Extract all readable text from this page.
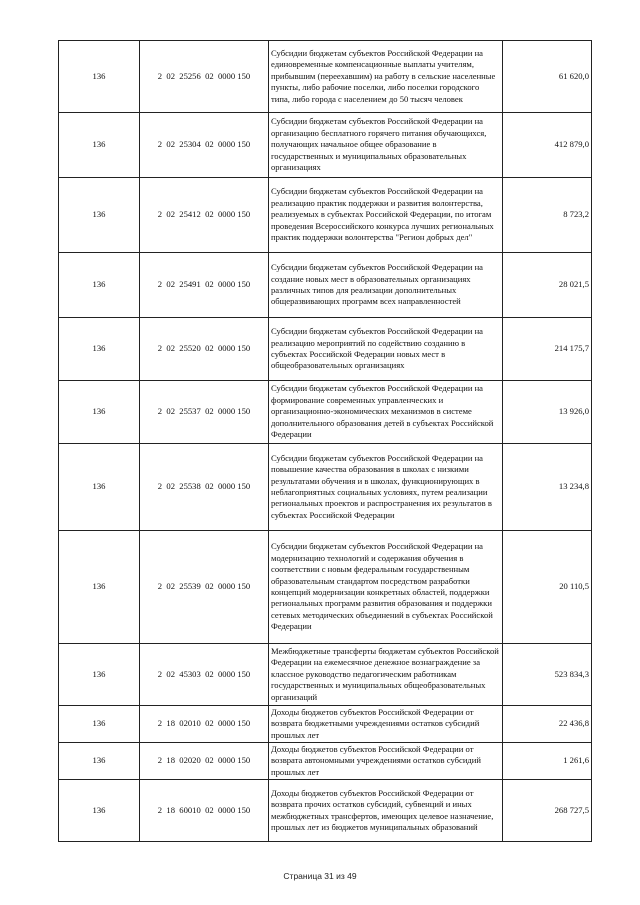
136	2  02  25256  02  0000 150	Субсидии бюджетам субъектов Российской Федерации на единовременные компенсационные выплаты учителям, прибывшим (переехавшим) на работу в сельские населенные пункты, либо рабочие поселки, либо поселки городского типа, либо города с населением до 50 тысяч человек	61 620,0
136	2  02  25304  02  0000 150	Субсидии бюджетам субъектов Российской Федерации на организацию бесплатного горячего питания обучающихся, получающих начальное общее образование в государственных и муниципальных образовательных организациях	412 879,0
136	2  02  25412  02  0000 150	Субсидии бюджетам субъектов Российской Федерации на реализацию практик поддержки и развития волонтерства, реализуемых в субъектах Российской Федерации, по итогам проведения Всероссийского конкурса лучших региональных практик поддержки волонтерства "Регион добрых дел"	8 723,2
136	2  02  25491  02  0000 150	Субсидии бюджетам субъектов Российской Федерации на создание новых мест в образовательных организациях различных типов для реализации дополнительных общеразвивающих программ всех направленностей	28 021,5
136	2  02  25520  02  0000 150	Субсидии бюджетам субъектов Российской Федерации на реализацию мероприятий по содействию созданию в субъектах Российской Федерации новых мест в общеобразовательных организациях	214 175,7
136	2  02  25537  02  0000 150	Субсидии бюджетам субъектов Российской Федерации на формирование современных управленческих и организационно-экономических механизмов в системе дополнительного образования детей в субъектах Российской Федерации	13 926,0
136	2  02  25538  02  0000 150	Субсидии бюджетам субъектов Российской Федерации на повышение качества образования в школах с низкими результатами обучения и в школах, функционирующих в неблагоприятных социальных условиях, путем реализации региональных проектов и распространения их результатов в субъектах Российской Федерации	13 234,8
136	2  02  25539  02  0000 150	Субсидии бюджетам субъектов Российской Федерации на модернизацию технологий и содержания обучения в соответствии с новым федеральным государственным образовательным стандартом посредством разработки концепций модернизации конкретных областей, поддержки региональных программ развития образования и поддержки сетевых методических объединений в субъектах Российской Федерации	20 110,5
136	2  02  45303  02  0000 150	Межбюджетные трансферты бюджетам субъектов Российской Федерации на ежемесячное денежное вознаграждение за классное руководство педагогическим работникам государственных и муниципальных общеобразовательных организаций	523 834,3
136	2  18  02010  02  0000 150	Доходы бюджетов субъектов Российской Федерации от возврата бюджетными учреждениями остатков субсидий прошлых лет	22 436,8
136	2  18  02020  02  0000 150	Доходы бюджетов субъектов Российской Федерации от возврата автономными учреждениями остатков субсидий прошлых лет	1 261,6
136	2  18  60010  02  0000 150	Доходы бюджетов субъектов Российской Федерации от возврата прочих остатков субсидий, субвенций и иных межбюджетных трансфертов, имеющих целевое назначение, прошлых лет из бюджетов муниципальных образований	268 727,5
Страница 31 из 49
